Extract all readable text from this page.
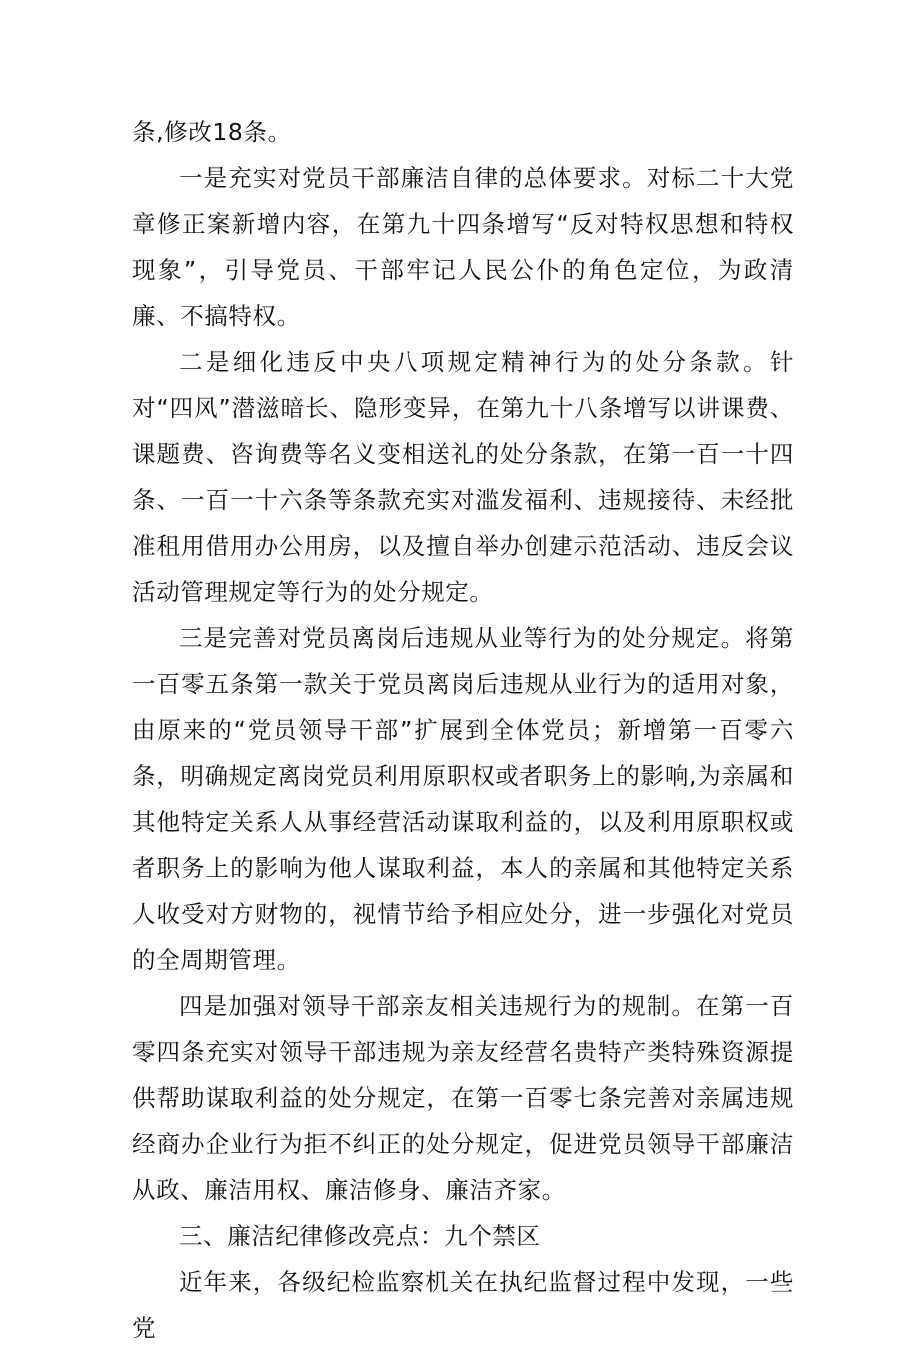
条,修改18条。

一是充实对党员干部廉洁自律的总体要求。对标二十大党章修正案新增内容，在第九十四条增写“反对特权思想和特权现象”，引导党员、干部牢记人民公仆的角色定位，为政清廉、不搞特权。

二是细化违反中央八项规定精神行为的处分条款。针对“四风”潜滋暗长、隐形变异，在第九十八条增写以讲课费、课题费、咨询费等名义变相送礼的处分条款，在第一百一十四条、一百一十六条等条款充实对滥发福利、违规接待、未经批准租用借用办公用房，以及擅自举办创建示范活动、违反会议活动管理规定等行为的处分规定。

三是完善对党员离岗后违规从业等行为的处分规定。将第一百零五条第一款关于党员离岗后违规从业行为的适用对象，由原来的“党员领导干部”扩展到全体党员；新增第一百零六条，明确规定离岗党员利用原职权或者职务上的影响,为亲属和其他特定关系人从事经营活动谋取利益的，以及利用原职权或者职务上的影响为他人谋取利益，本人的亲属和其他特定关系人收受对方财物的，视情节给予相应处分，进一步强化对党员的全周期管理。

四是加强对领导干部亲友相关违规行为的规制。在第一百零四条充实对领导干部违规为亲友经营名贵特产类特殊资源提供帮助谋取利益的处分规定，在第一百零七条完善对亲属违规经商办企业行为拒不纠正的处分规定，促进党员领导干部廉洁从政、廉洁用权、廉洁修身、廉洁齐家。

三、廉洁纪律修改亮点：九个禁区

近年来，各级纪检监察机关在执纪监督过程中发现，一些党
